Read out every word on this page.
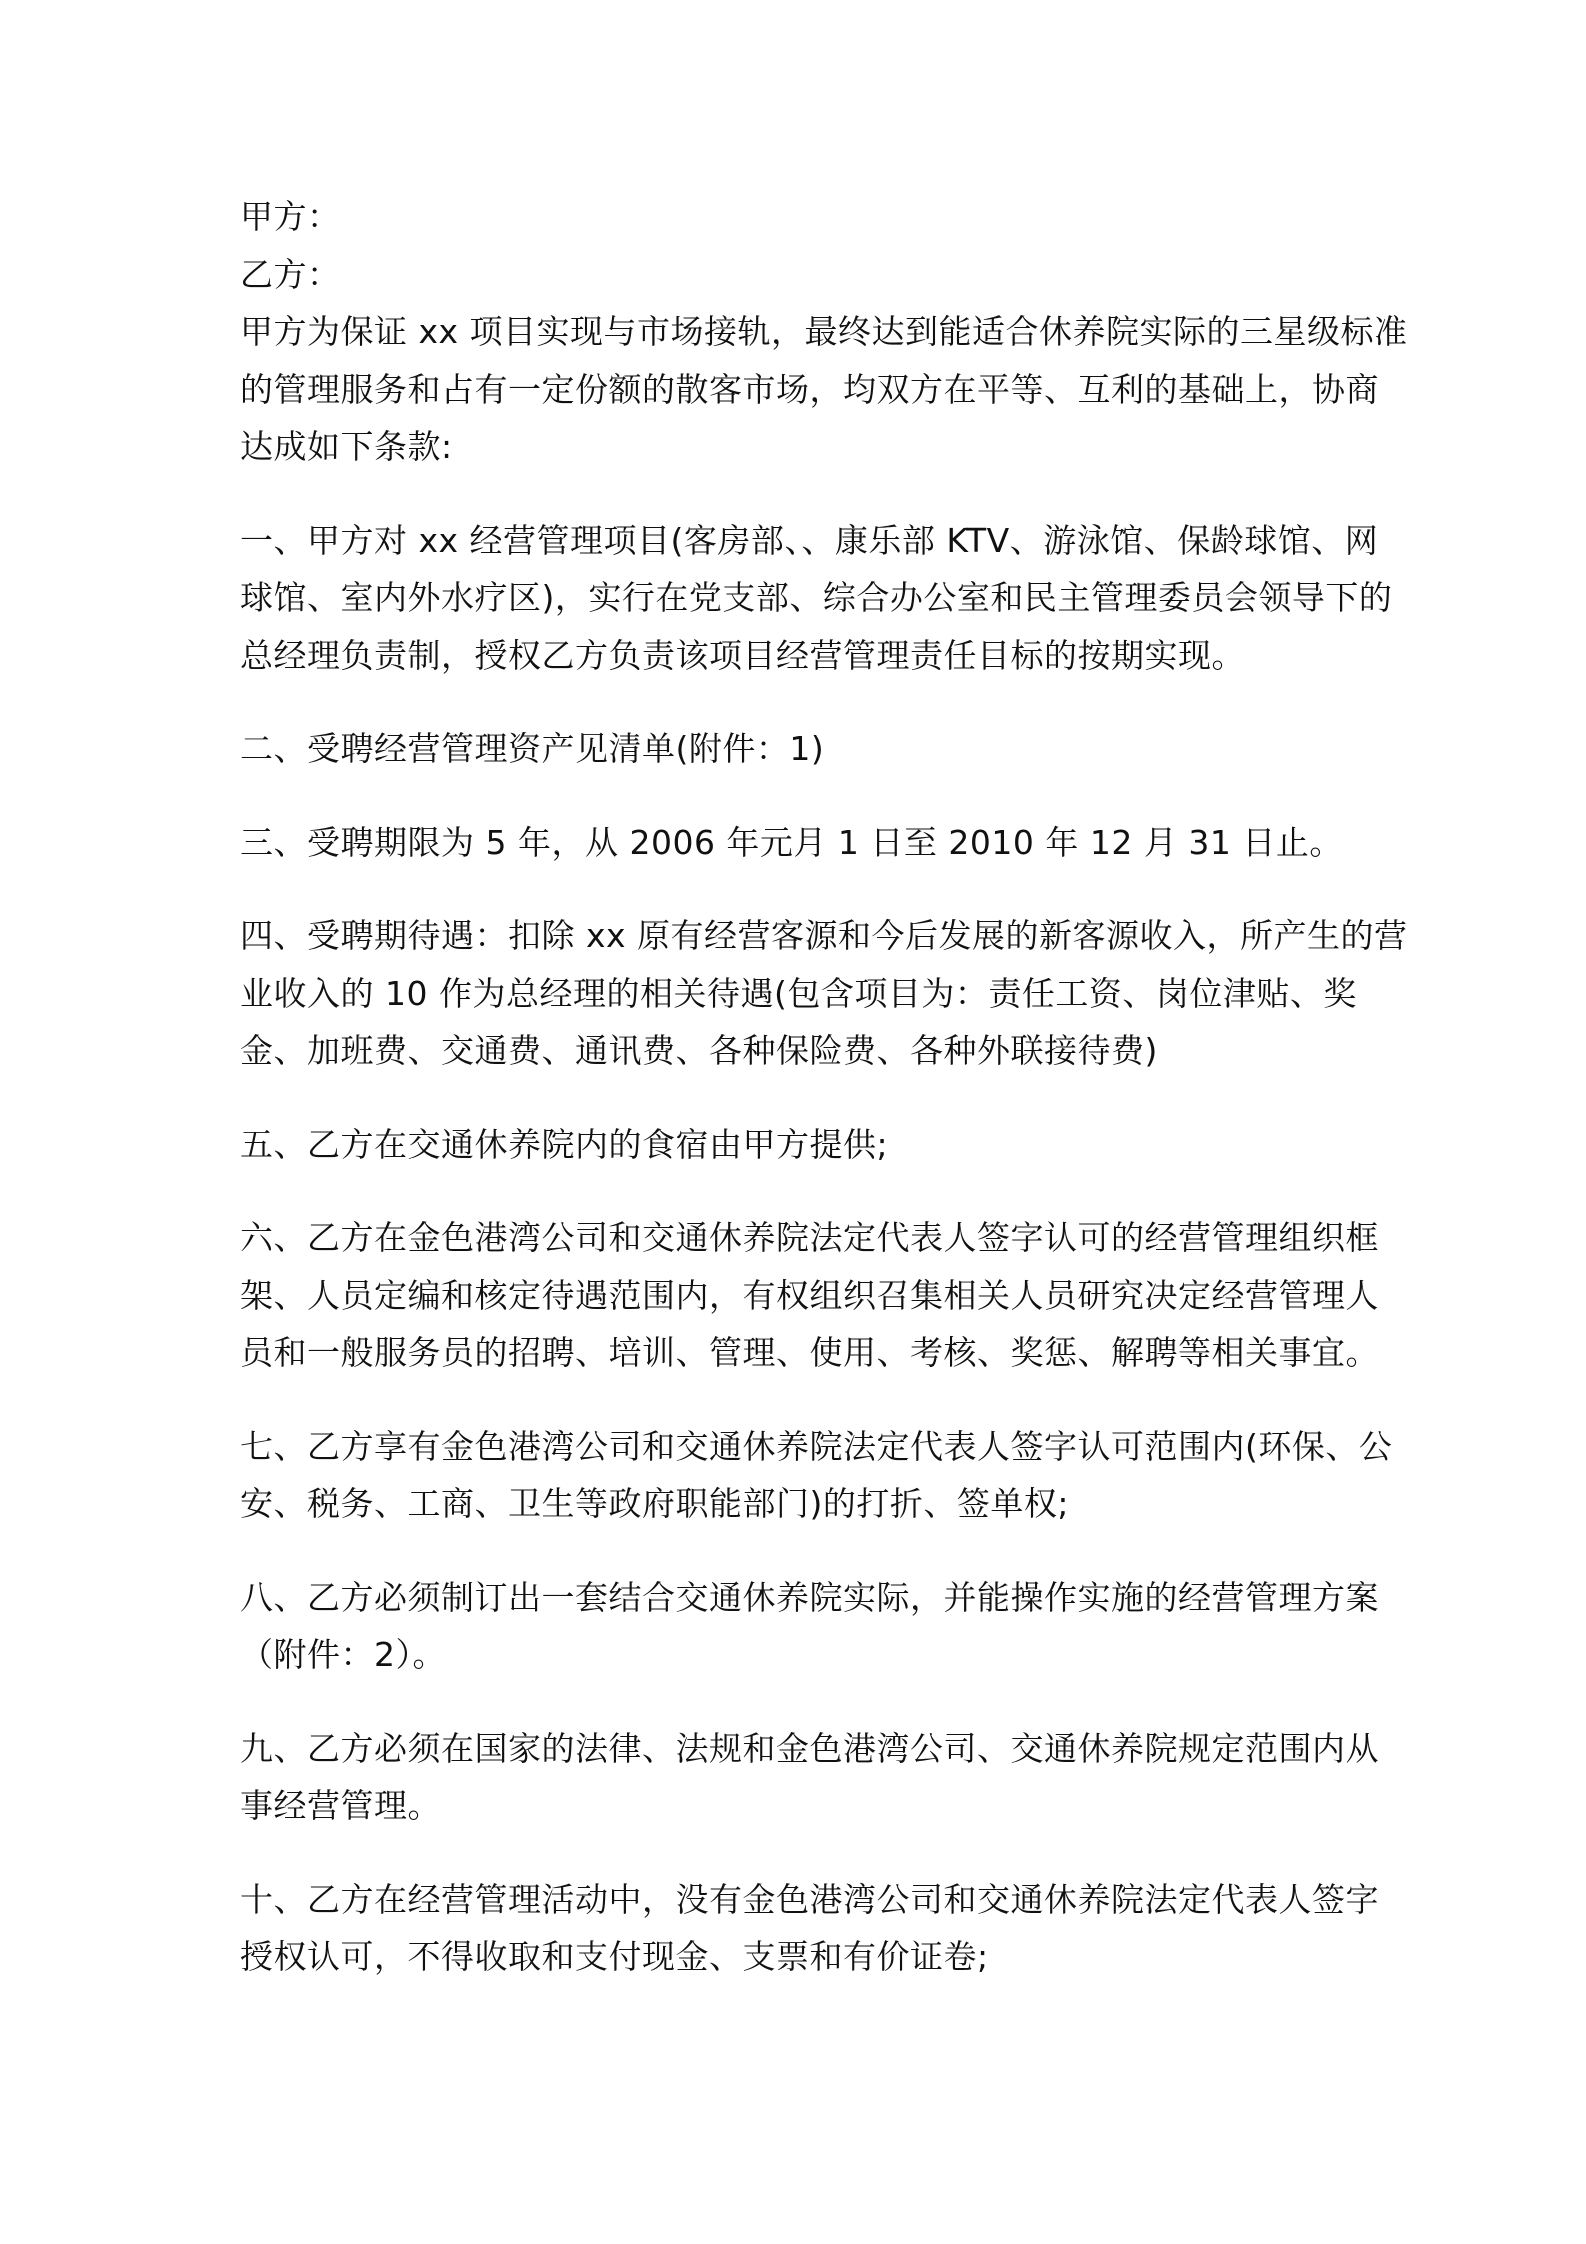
甲方：

乙方：

甲方为保证 xx 项目实现与市场接轨，最终达到能适合休养院实际的三星级标准

的管理服务和占有一定份额的散客市场，均双方在平等、互利的基础上，协商

达成如下条款:

一、甲方对 xx 经营管理项目(客房部、、康乐部 KTV、游泳馆、保龄球馆、网

球馆、室内外水疗区)，实行在党支部、综合办公室和民主管理委员会领导下的

总经理负责制，授权乙方负责该项目经营管理责任目标的按期实现。

二、受聘经营管理资产见清单(附件：1)

三、受聘期限为 5 年，从 2006 年元月 1 日至 2010 年 12 月 31 日止。

四、受聘期待遇：扣除 xx 原有经营客源和今后发展的新客源收入，所产生的营

业收入的 10 作为总经理的相关待遇(包含项目为：责任工资、岗位津贴、奖

金、加班费、交通费、通讯费、各种保险费、各种外联接待费)

五、乙方在交通休养院内的食宿由甲方提供;

六、乙方在金色港湾公司和交通休养院法定代表人签字认可的经营管理组织框

架、人员定编和核定待遇范围内，有权组织召集相关人员研究决定经营管理人

员和一般服务员的招聘、培训、管理、使用、考核、奖惩、解聘等相关事宜。

七、乙方享有金色港湾公司和交通休养院法定代表人签字认可范围内(环保、公

安、税务、工商、卫生等政府职能部门)的打折、签单权;

八、乙方必须制订出一套结合交通休养院实际，并能操作实施的经营管理方案

（附件：2）。

九、乙方必须在国家的法律、法规和金色港湾公司、交通休养院规定范围内从

事经营管理。

十、乙方在经营管理活动中，没有金色港湾公司和交通休养院法定代表人签字

授权认可，不得收取和支付现金、支票和有价证卷;
